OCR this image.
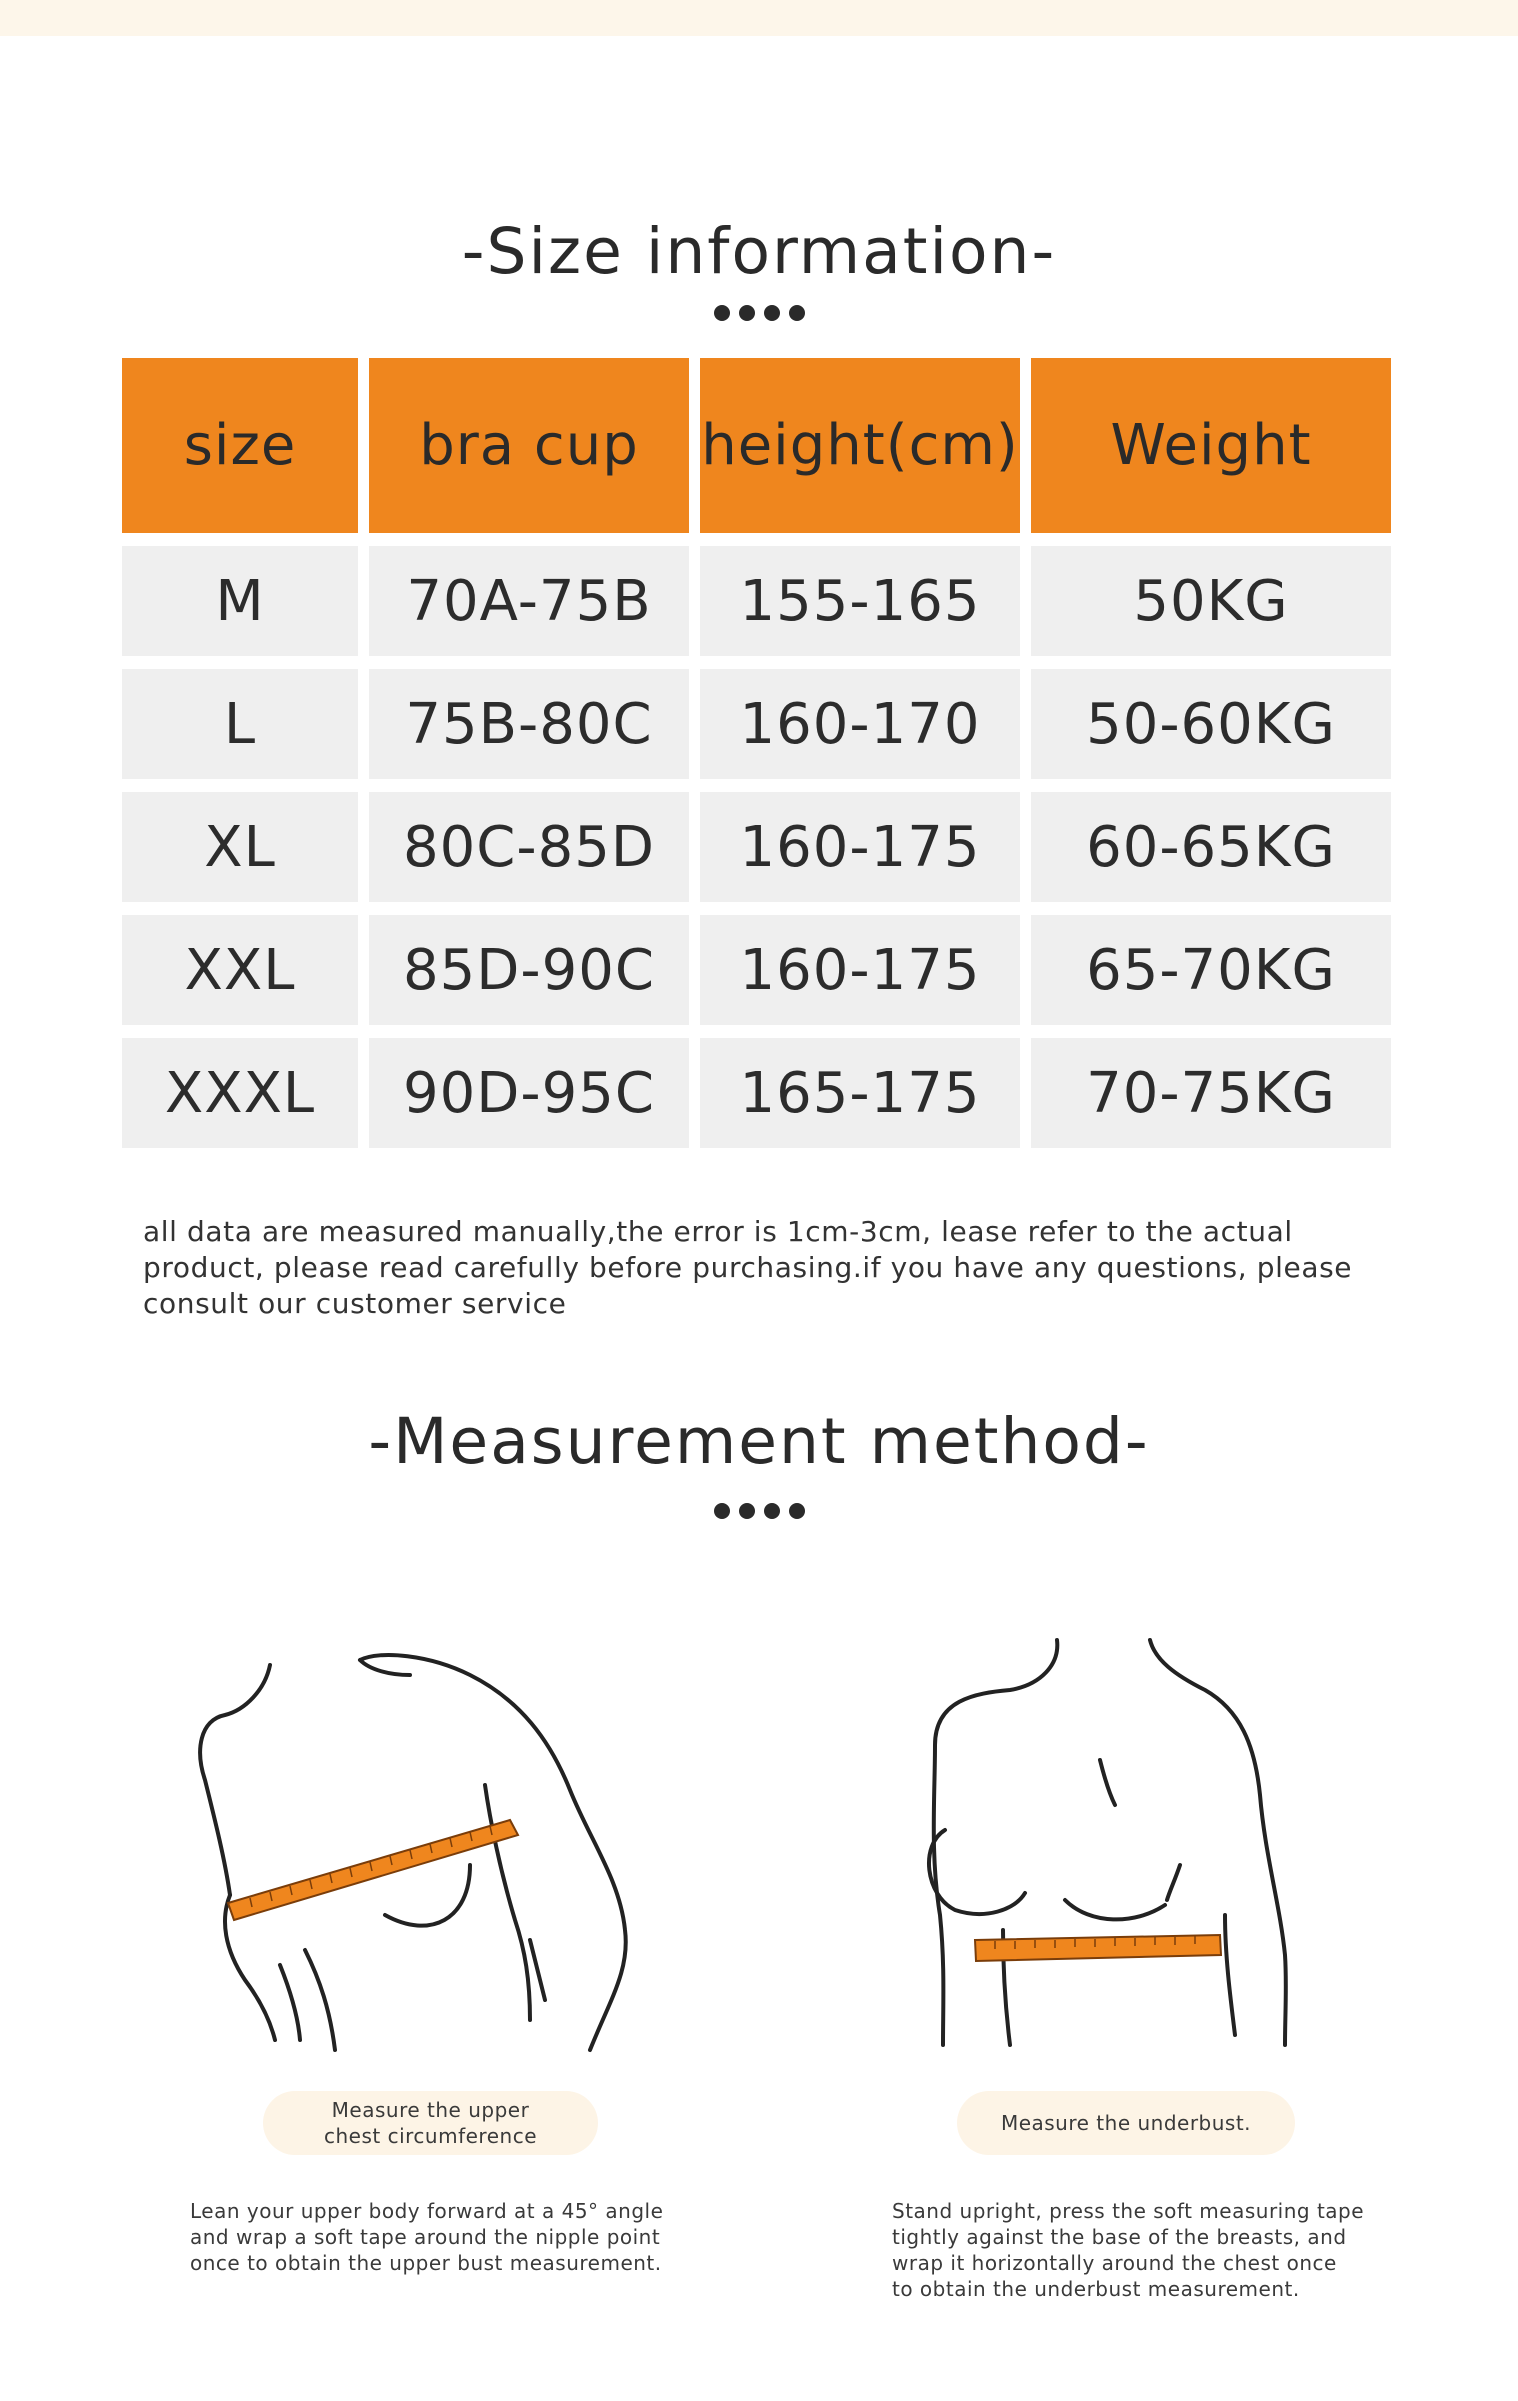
-Size information-
size	bra cup	height(cm)	Weight
M	70A-75B	155-165	50KG
L	75B-80C	160-170	50-60KG
XL	80C-85D	160-175	60-65KG
XXL	85D-90C	160-175	65-70KG
XXXL	90D-95C	165-175	70-75KG
all data are measured manually,the error is 1cm-3cm, lease refer to the actual product, please read carefully before purchasing.if you have any questions, please consult our customer service
-Measurement method-
Measure the upper
chest circumference
Lean your upper body forward at a 45° angle
and wrap a soft tape around the nipple point
once to obtain the upper bust measurement.
Measure the underbust.
Stand upright, press the soft measuring tape
tightly against the base of the breasts, and
wrap it horizontally around the chest once
to obtain the underbust measurement.
